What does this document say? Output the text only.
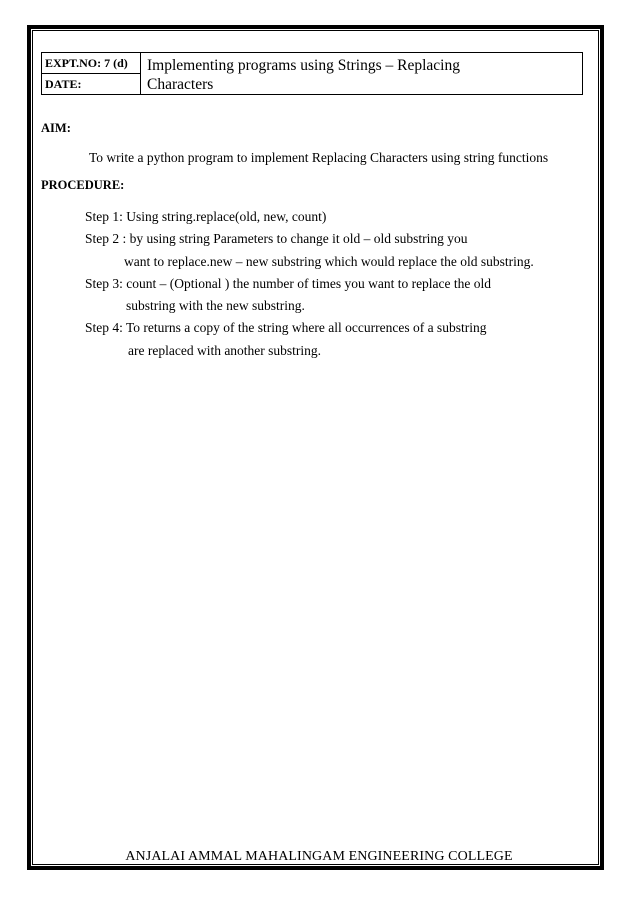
EXPT.NO: 7 (d)
DATE:
Implementing programs using Strings – Replacing
Characters
AIM:
To write a python program to implement Replacing Characters using string functions
PROCEDURE:
Step 1: Using string.replace(old, new, count)
Step 2 : by using string Parameters to change it old – old substring you
want to replace.new – new substring which would replace the old substring.
Step 3: count – (Optional ) the number of times you want to replace the old
substring with the new substring.
Step 4: To returns a copy of the string where all occurrences of a substring
are replaced with another substring.
ANJALAI AMMAL MAHALINGAM ENGINEERING COLLEGE
